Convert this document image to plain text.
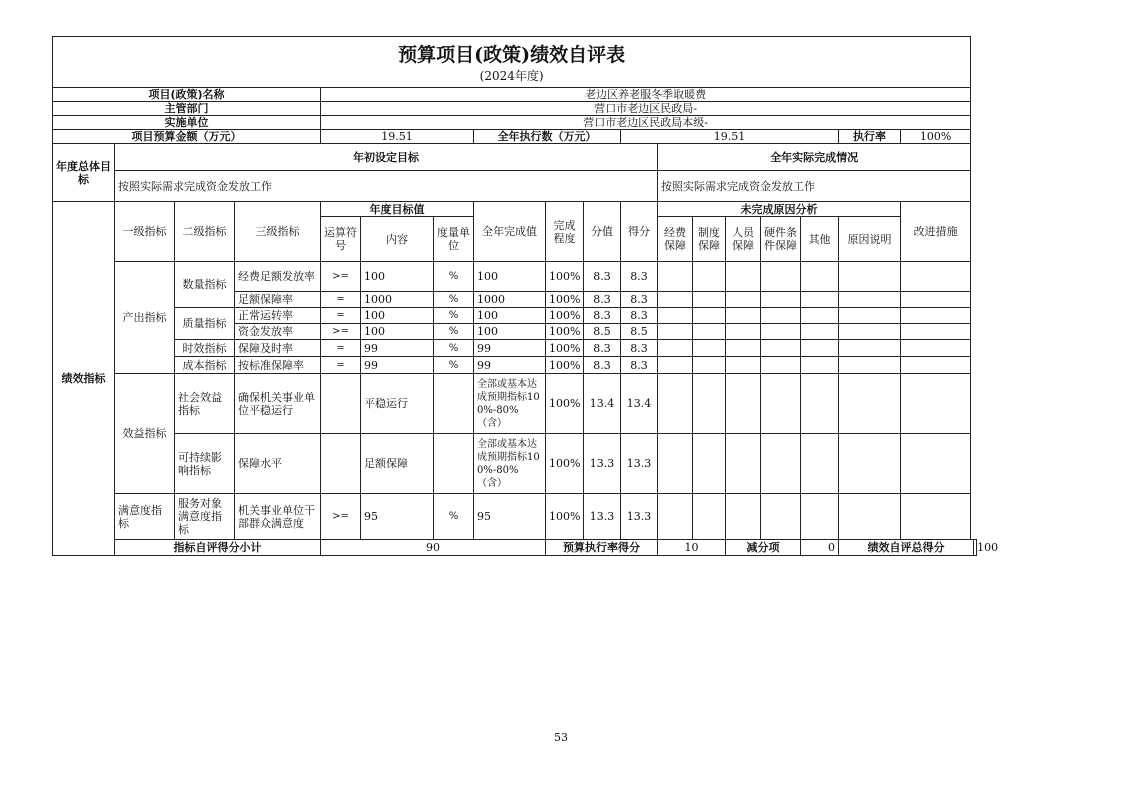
预算项目(政策)绩效自评表																		
(2024年度)																		
项目(政策)名称				老边区养老服冬季取暖费														
主管部门				营口市老边区民政局-														
实施单位				营口市老边区民政局本级-														
项目预算金额（万元）				19.51			全年执行数（万元）			19.51						执行率	100%	
年度总体目标	年初设定目标										全年实际完成情况							
	按照实际需求完成资金发放工作										按照实际需求完成资金发放工作							
绩效指标	一级指标	二级指标	三级指标	年度目标值			全年完成值	完成程度	分值	得分	未完成原因分析						改进措施	
				运算符号	内容	度量单位					经费保障	制度保障	人员保障	硬件条件保障	其他	原因说明		
	产出指标	数量指标	经费足额发放率	>=	100	%	100	100%	8.3	8.3								
			足额保障率	=	1000	%	1000	100%	8.3	8.3								
		质量指标	正常运转率	=	100	%	100	100%	8.3	8.3								
			资金发放率	>=	100	%	100	100%	8.5	8.5								
		时效指标	保障及时率	=	99	%	99	100%	8.3	8.3								
		成本指标	按标准保障率	=	99	%	99	100%	8.3	8.3								
	效益指标	社会效益指标	确保机关事业单位平稳运行		平稳运行		全部或基本达成预期指标100%-80%（含）	100%	13.4	13.4								
		可持续影响指标	保障水平		足额保障		全部或基本达成预期指标100%-80%（含）	100%	13.3	13.3								
	满意度指标	服务对象满意度指标	机关事业单位干部群众满意度	>=	95	%	95	100%	13.3	13.3								
	指标自评得分小计			90				预算执行率得分			10		减分项		0	绩效自评总得分		100
53
